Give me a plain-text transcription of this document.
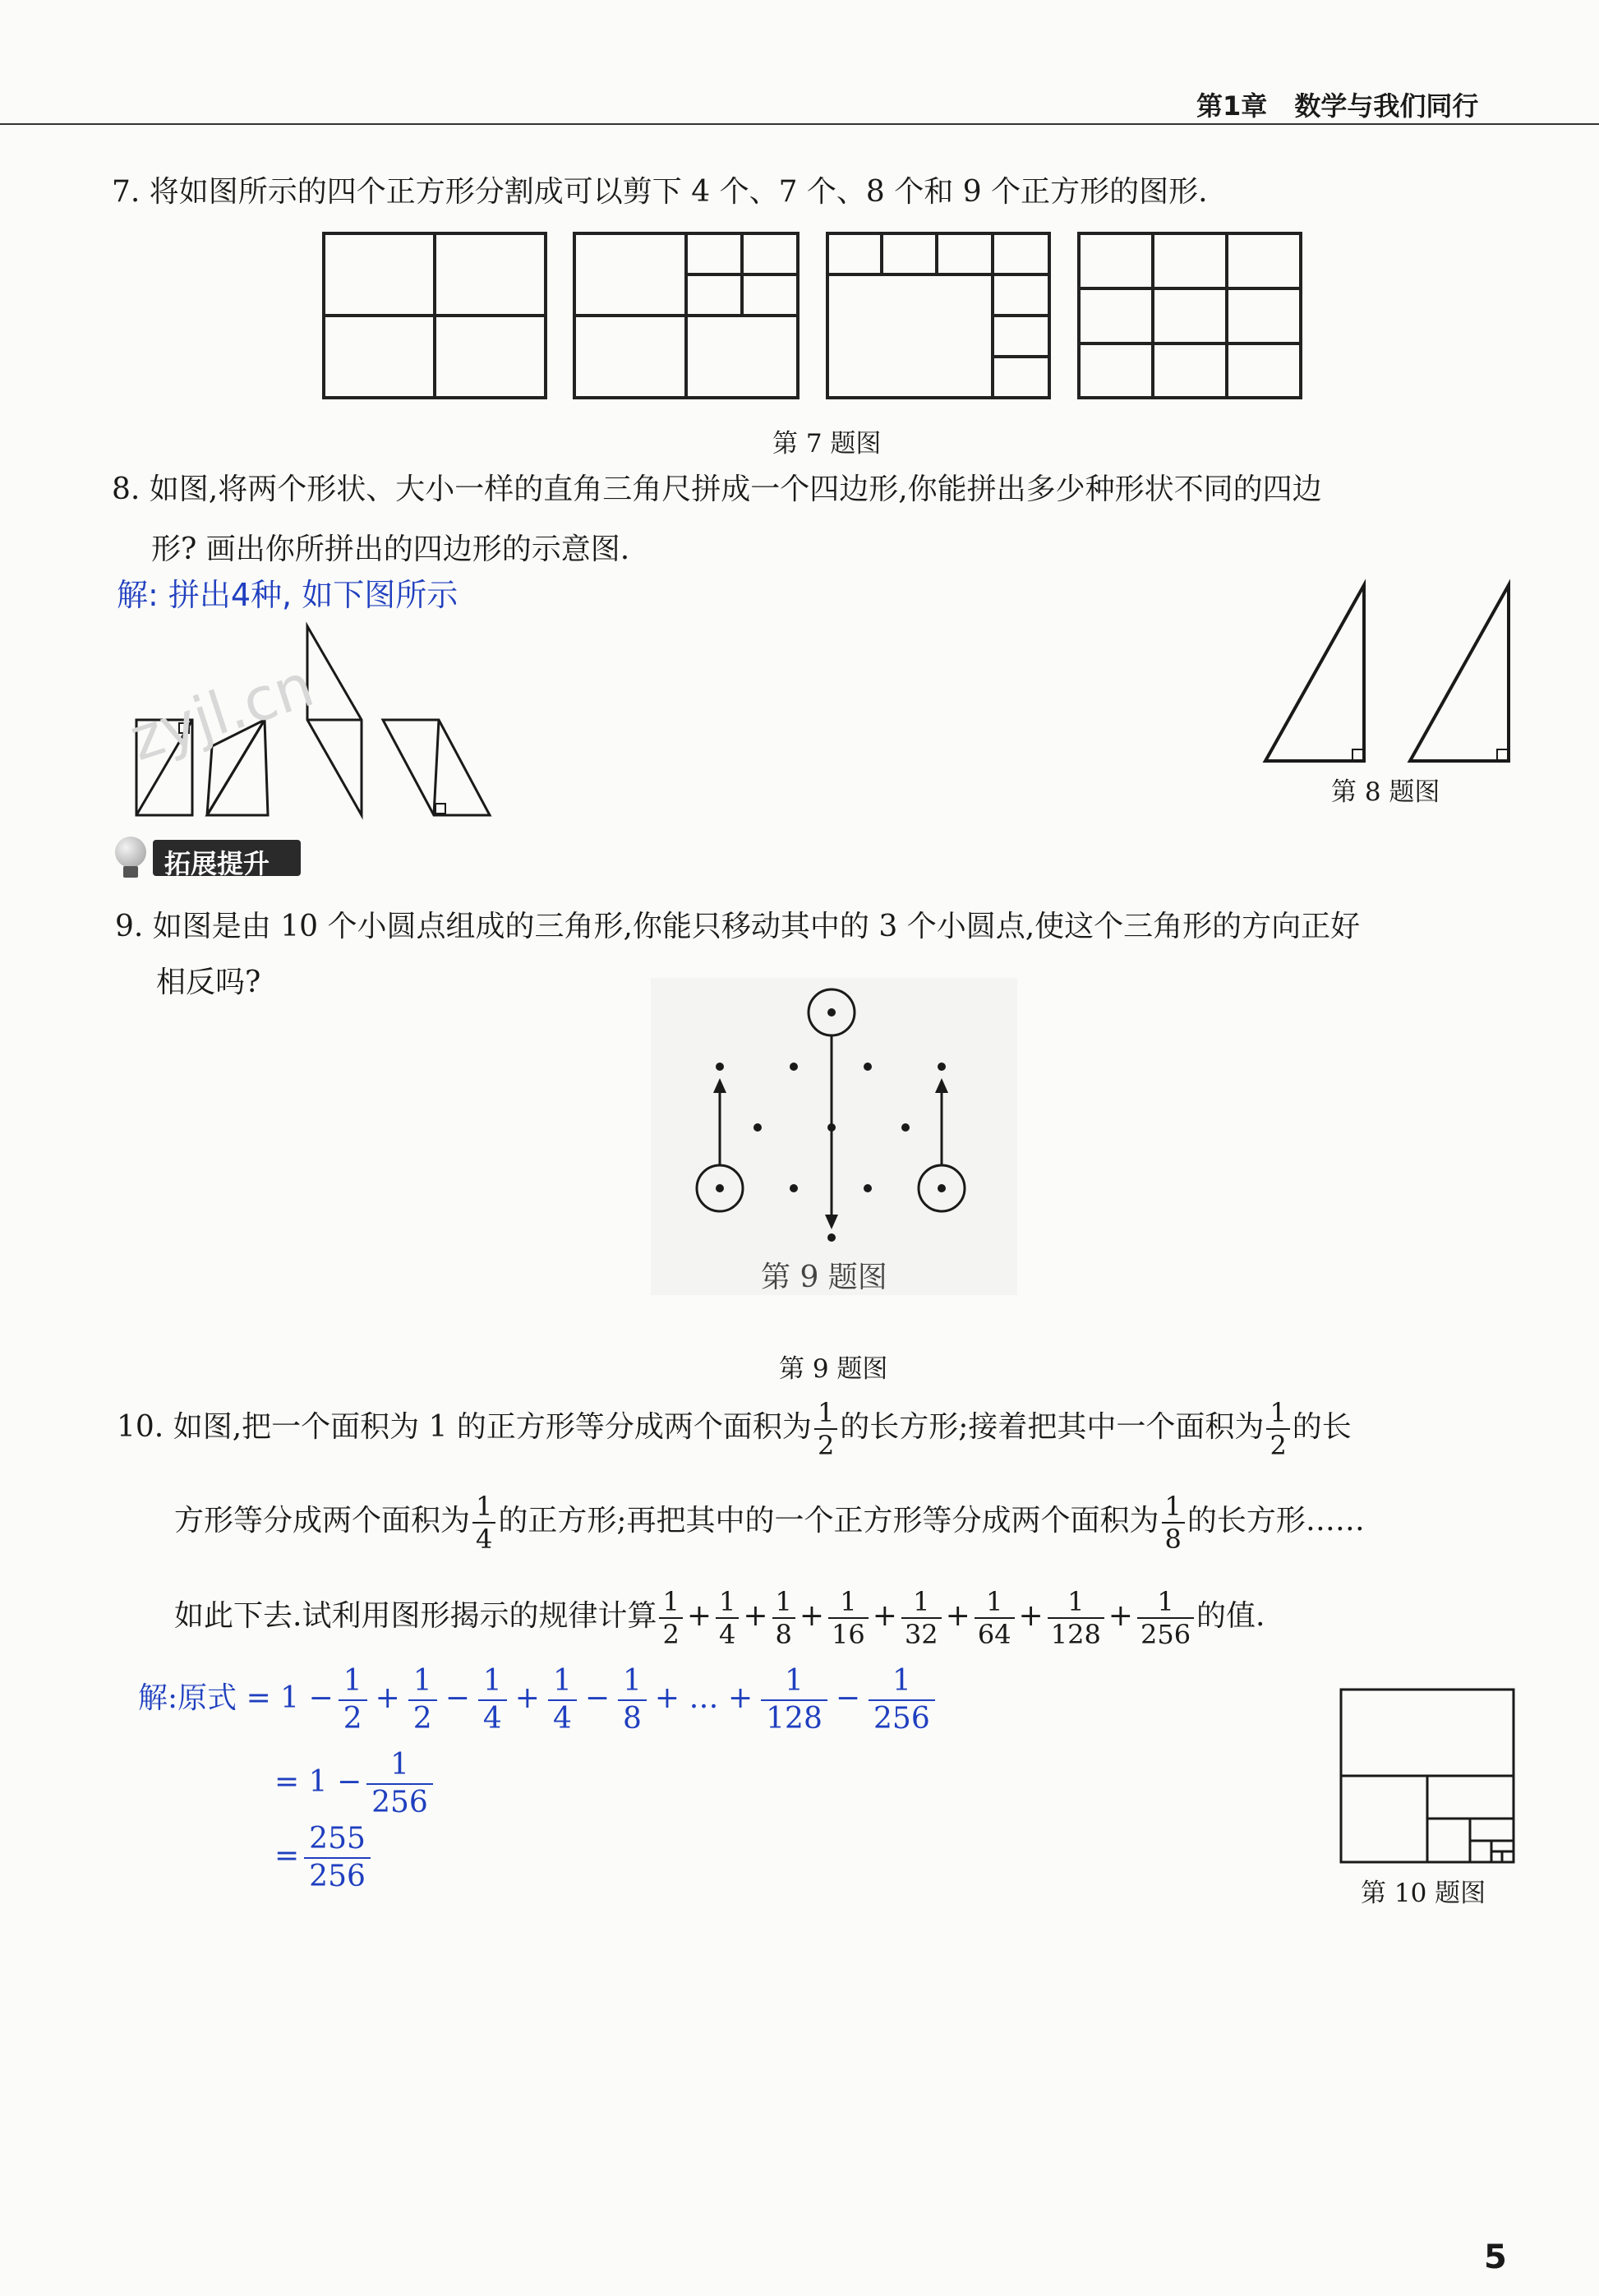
第1章 数学与我们同行
7. 将如图所示的四个正方形分割成可以剪下 4 个、7 个、8 个和 9 个正方形的图形.
第 7 题图
8. 如图,将两个形状、大小一样的直角三角尺拼成一个四边形,你能拼出多少种形状不同的四边
形? 画出你所拼出的四边形的示意图.
解: 拼出4种, 如下图所示
zyjl.cn
第 8 题图
拓展提升
9. 如图是由 10 个小圆点组成的三角形,你能只移动其中的 3 个小圆点,使这个三角形的方向正好
相反吗?
第 9 题图
第 9 题图
10. 如图,把一个面积为 1 的正方形等分成两个面积为 $\frac{1}{2}$ 的长方形;接着把其中一个面积为 $\frac{1}{2}$ 的长
方形等分成两个面积为 $\frac{1}{4}$ 的正方形;再把其中的一个正方形等分成两个面积为 $\frac{1}{8}$ 的长方形……
如此下去.试利用图形揭示的规律计算 $\frac{1}{2} + \frac{1}{4} + \frac{1}{8} + \frac{1}{16} + \frac{1}{32} + \frac{1}{64} + \frac{1}{128} + \frac{1}{256}$ 的值.
解:原式 = $1 - \frac{1}{2} + \frac{1}{2} - \frac{1}{4} + \frac{1}{4} - \frac{1}{8}$ + … + $\frac{1}{128} - \frac{1}{256}$
= $1 - \frac{1}{256}$
= $\frac{255}{256}$	第 10 题图
5
